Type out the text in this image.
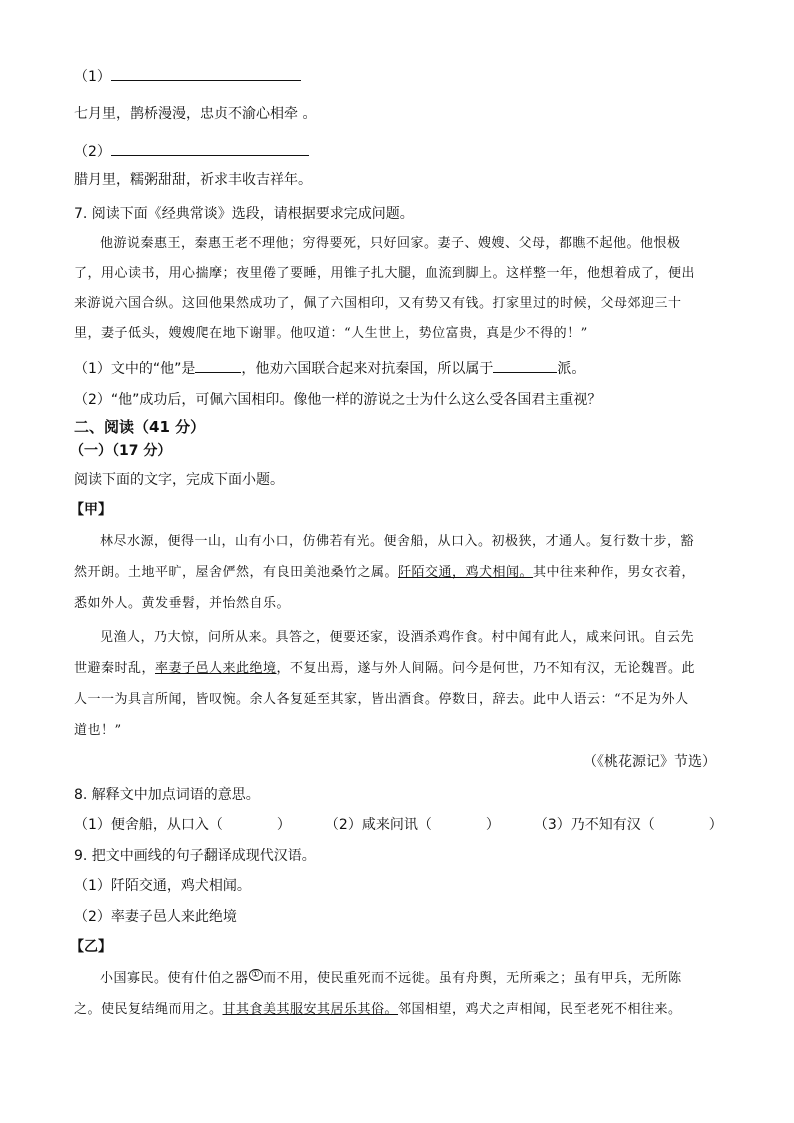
（1）
七月里，鹊桥漫漫，忠贞不渝心相牵 。
（2）
腊月里，糯粥甜甜，祈求丰收吉祥年。
7. 阅读下面《经典常谈》选段，请根据要求完成问题。
他游说秦惠王，秦惠王老不理他；穷得要死，只好回家。妻子、嫂嫂、父母，都瞧不起他。他恨极
了，用心读书，用心揣摩；夜里倦了要睡，用锥子扎大腿，血流到脚上。这样整一年，他想着成了，便出
来游说六国合纵。这回他果然成功了，佩了六国相印，又有势又有钱。打家里过的时候，父母郊迎三十
里，妻子低头，嫂嫂爬在地下谢罪。他叹道：“人生世上，势位富贵，真是少不得的！”
（1）文中的“他”是	，他劝六国联合起来对抗秦国，所以属于	派。
（2）“他”成功后，可佩六国相印。像他一样的游说之士为什么这么受各国君主重视？
二、阅读（41 分）
（一）（17 分）
阅读下面的文字，完成下面小题。
【甲】
林尽水源，便得一山，山有小口，仿佛若有光。便舍船，从口入。初极狭，才通人。复行数十步，豁
然开朗。土地平旷，屋舍俨然，有良田美池桑竹之属。阡陌交通，鸡犬相闻。其中往来种作，男女衣着，
悉如外人。黄发垂髫，并怡然自乐。
见渔人，乃大惊，问所从来。具答之，便要还家，设酒杀鸡作食。村中闻有此人，咸来问讯。自云先
世避秦时乱，率妻子邑人来此绝境，不复出焉，遂与外人间隔。问今是何世，乃不知有汉，无论魏晋。此
人一一为具言所闻，皆叹惋。余人各复延至其家，皆出酒食。停数日，辞去。此中人语云：“不足为外人
道也！”
（《桃花源记》节选）
8. 解释文中加点词语的意思。
（1）便舍船，从口入（	） （2）咸来问讯（	） （3）乃不知有汉（	）
9. 把文中画线的句子翻译成现代汉语。
（1）阡陌交通，鸡犬相闻。
（2）率妻子邑人来此绝境
【乙】
小国寡民。使有什伯之器 ① 而不用，使民重死而不远徙。虽有舟舆，无所乘之；虽有甲兵，无所陈
之。使民复结绳而用之。甘其食美其服安其居乐其俗。邻国相望，鸡犬之声相闻，民至老死不相往来。
